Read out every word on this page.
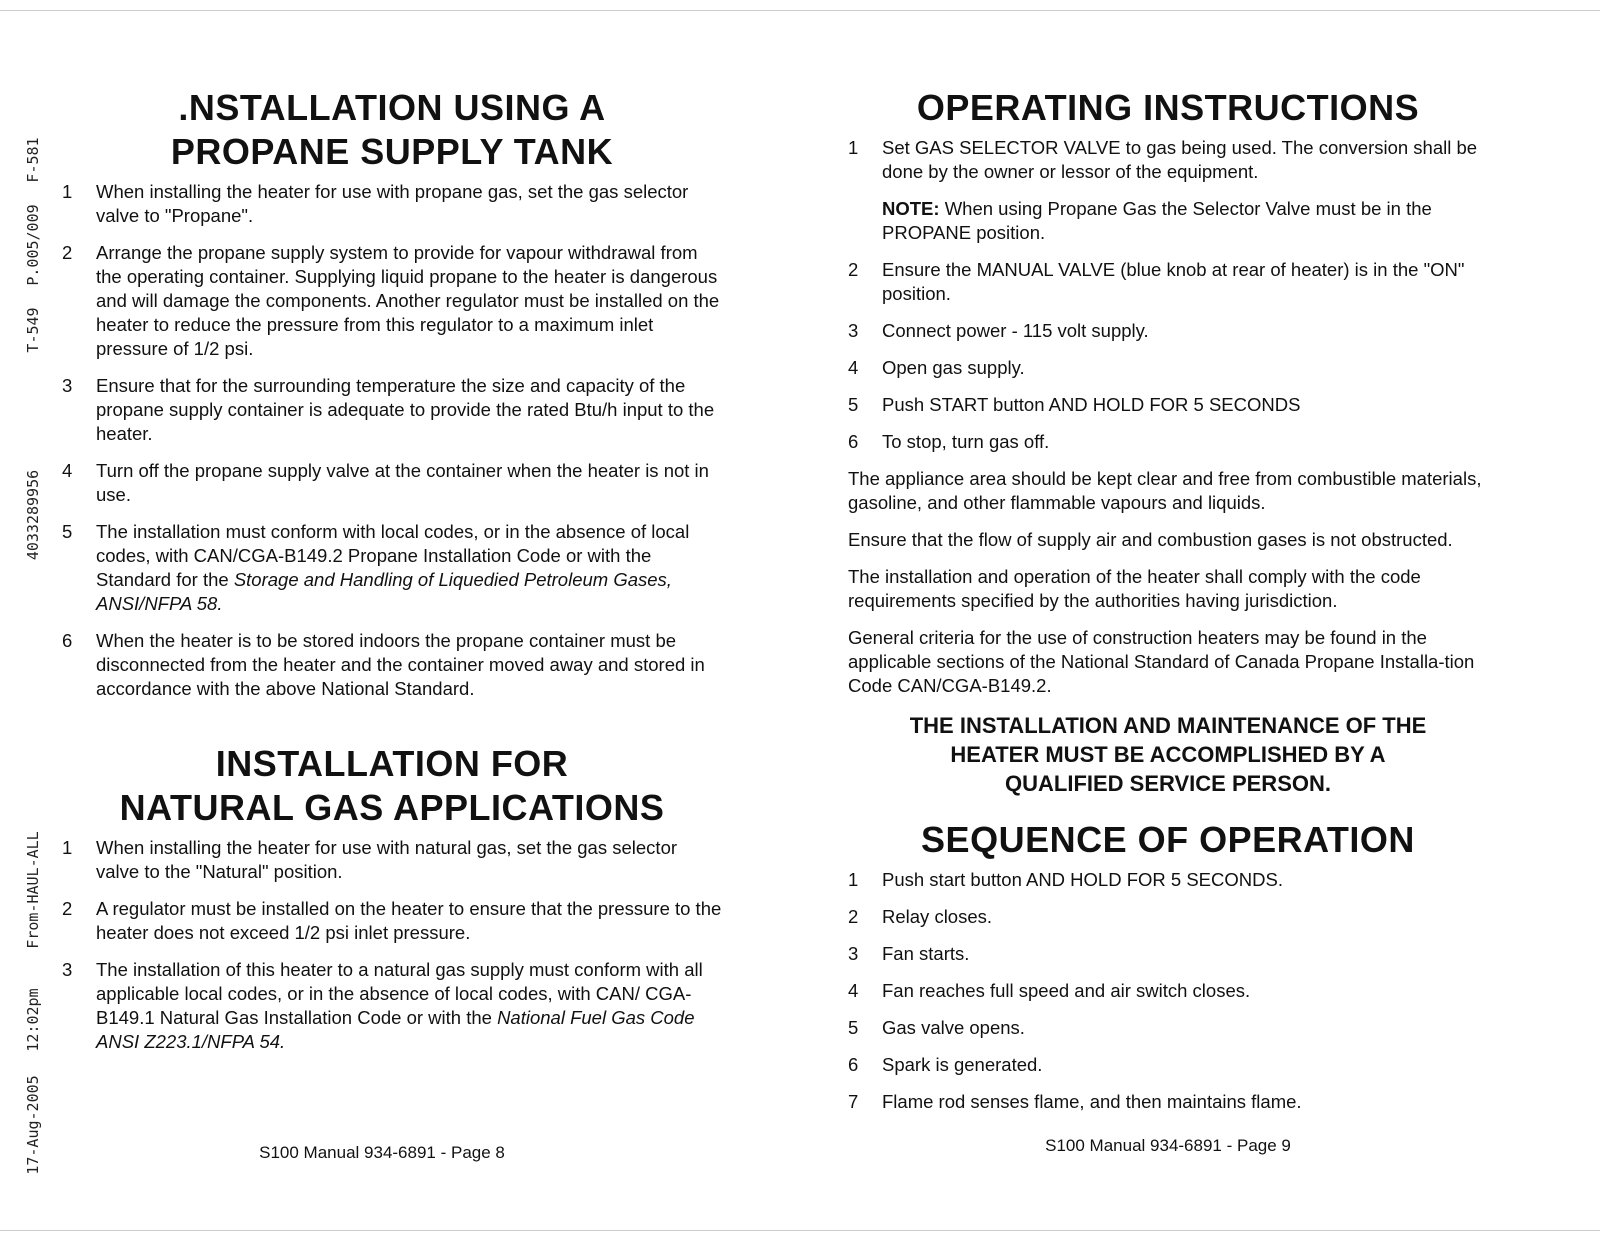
F-581
P.005/009
T-549
4033289956
From-HAUL-ALL
12:02pm
17-Aug-2005
.NSTALLATION USING A
PROPANE SUPPLY TANK
1	When installing the heater for use with propane gas, set the gas selector valve to "Propane".
2	Arrange the propane supply system to provide for vapour withdrawal from the operating container. Supplying liquid propane to the heater is dangerous and will damage the components. Another regulator must be installed on the heater to reduce the pressure from this regulator to a maximum inlet pressure of 1/2 psi.
3	Ensure that for the surrounding temperature the size and capacity of the propane supply container is adequate to provide the rated Btu/h input to the heater.
4	Turn off the propane supply valve at the container when the heater is not in use.
5	The installation must conform with local codes, or in the absence of local codes, with CAN/CGA-B149.2 Propane Installation Code or with the Standard for the Storage and Handling of Liquedied Petroleum Gases, ANSI/NFPA 58.
6	When the heater is to be stored indoors the propane container must be disconnected from the heater and the container moved away and stored in accordance with the above National Standard.
INSTALLATION FOR
NATURAL GAS APPLICATIONS
1	When installing the heater for use with natural gas, set the gas selector valve to the "Natural" position.
2	A regulator must be installed on the heater to ensure that the pressure to the heater does not exceed 1/2 psi inlet pressure.
3	The installation of this heater to a natural gas supply must conform with all applicable local codes, or in the absence of local codes, with CAN/ CGA-B149.1 Natural Gas Installation Code or with the National Fuel Gas Code ANSI Z223.1/NFPA 54.
S100 Manual 934-6891 - Page 8
OPERATING INSTRUCTIONS
1	Set GAS SELECTOR VALVE to gas being used. The conversion shall be done by the owner or lessor of the equipment.
NOTE: When using Propane Gas the Selector Valve must be in the PROPANE position.
2	Ensure the MANUAL VALVE (blue knob at rear of heater) is in the "ON" position.
3	Connect power - 115 volt supply.
4	Open gas supply.
5	Push START button AND HOLD FOR 5 SECONDS
6	To stop, turn gas off.
The appliance area should be kept clear and free from combustible materials, gasoline, and other flammable vapours and liquids.
Ensure that the flow of supply air and combustion gases is not obstructed.
The installation and operation of the heater shall comply with the code requirements specified by the authorities having jurisdiction.
General criteria for the use of construction heaters may be found in the applicable sections of the National Standard of Canada Propane Installa-tion Code CAN/CGA-B149.2.
THE INSTALLATION AND MAINTENANCE OF THE
HEATER MUST BE ACCOMPLISHED BY A
QUALIFIED SERVICE PERSON.
SEQUENCE OF OPERATION
1	Push start button AND HOLD FOR 5 SECONDS.
2	Relay closes.
3	Fan starts.
4	Fan reaches full speed and air switch closes.
5	Gas valve opens.
6	Spark is generated.
7	Flame rod senses flame, and then maintains flame.
S100 Manual 934-6891 - Page 9
